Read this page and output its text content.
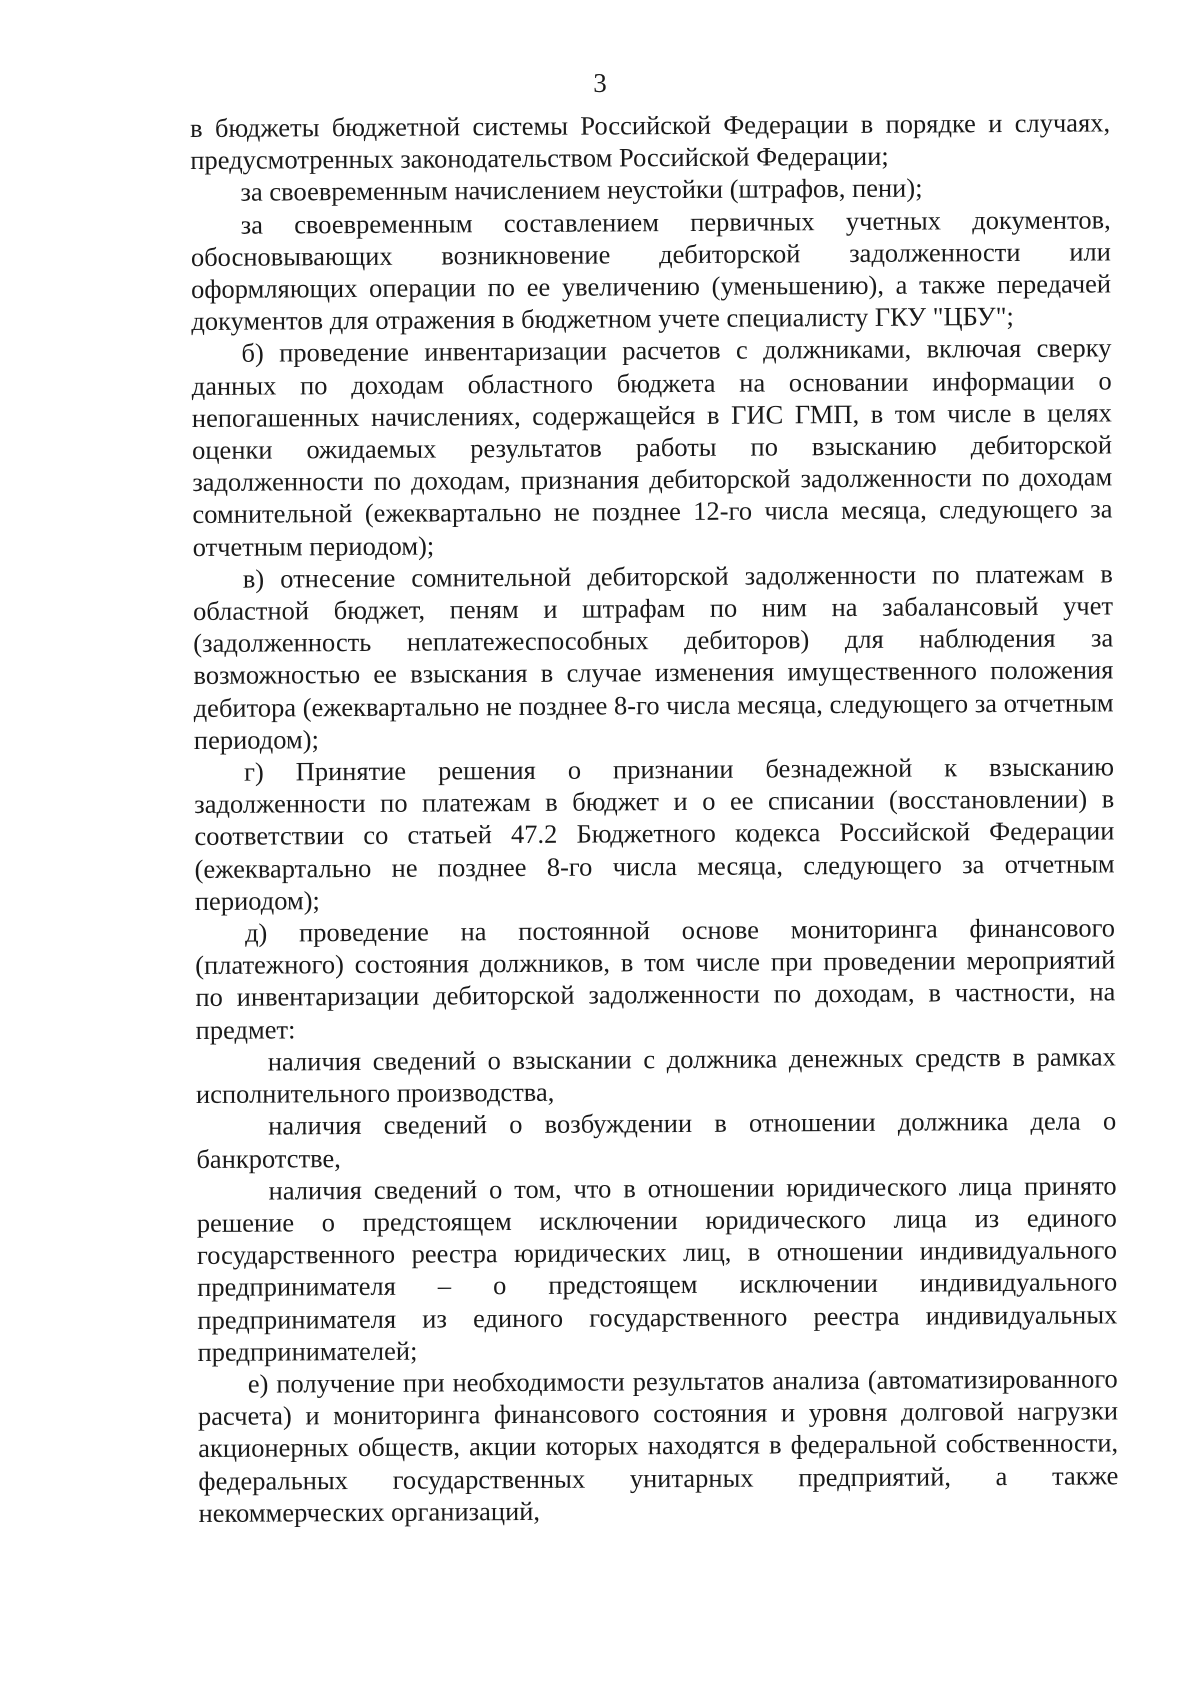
3

в бюджеты бюджетной системы Российской Федерации в порядке и случаях, предусмотренных законодательством Российской Федерации;

за своевременным начислением неустойки (штрафов, пени);

за своевременным составлением первичных учетных документов, обосновывающих возникновение дебиторской задолженности или оформляющих операции по ее увеличению (уменьшению), а также передачей документов для отражения в бюджетном учете специалисту ГКУ "ЦБУ";

б) проведение инвентаризации расчетов с должниками, включая сверку данных по доходам областного бюджета на основании информации о непогашенных начислениях, содержащейся в ГИС ГМП, в том числе в целях оценки ожидаемых результатов работы по взысканию дебиторской задолженности по доходам, признания дебиторской задолженности по доходам сомнительной (ежеквартально не позднее 12-го числа месяца, следующего за отчетным периодом);

в) отнесение сомнительной дебиторской задолженности по платежам в областной бюджет, пеням и штрафам по ним на забалансовый учет (задолженность неплатежеспособных дебиторов) для наблюдения за возможностью ее взыскания в случае изменения имущественного положения дебитора (ежеквартально не позднее 8-го числа месяца, следующего за отчетным периодом);

г) Принятие решения о признании безнадежной к взысканию задолженности по платежам в бюджет и о ее списании (восстановлении) в соответствии со статьей 47.2 Бюджетного кодекса Российской Федерации (ежеквартально не позднее 8-го числа месяца, следующего за отчетным периодом);

д) проведение на постоянной основе мониторинга финансового (платежного) состояния должников, в том числе при проведении мероприятий по инвентаризации дебиторской задолженности по доходам, в частности, на предмет:

наличия сведений о взыскании с должника денежных средств в рамках исполнительного производства,

наличия сведений о возбуждении в отношении должника дела о банкротстве,

наличия сведений о том, что в отношении юридического лица принято решение о предстоящем исключении юридического лица из единого государственного реестра юридических лиц, в отношении индивидуального предпринимателя – о предстоящем исключении индивидуального предпринимателя из единого государственного реестра индивидуальных предпринимателей;

е) получение при необходимости результатов анализа (автоматизированного расчета) и мониторинга финансового состояния и уровня долговой нагрузки акционерных обществ, акции которых находятся в федеральной собственности, федеральных государственных унитарных предприятий, а также некоммерческих организаций,
